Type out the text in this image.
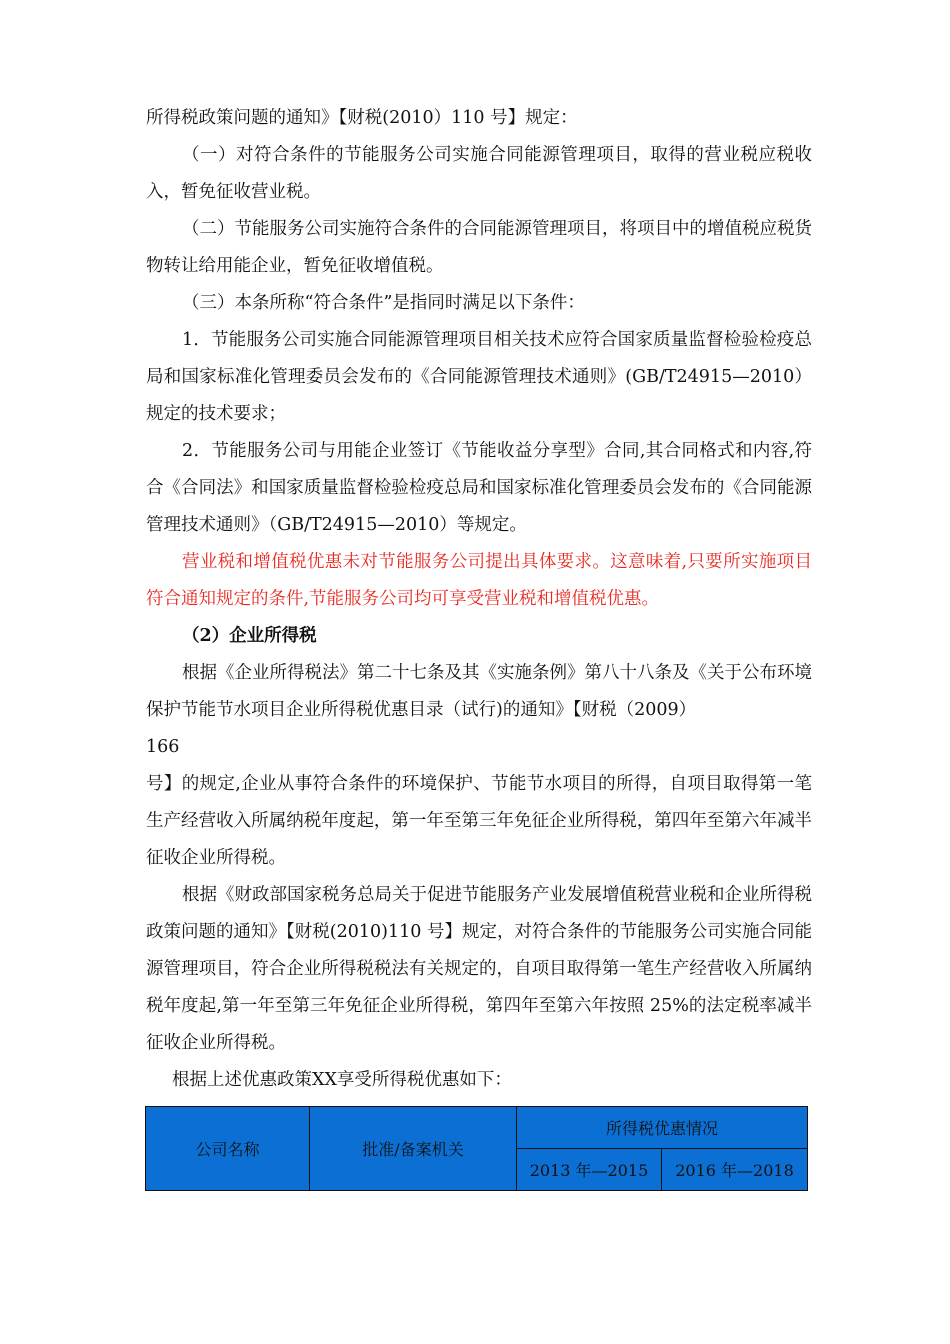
所得税政策问题的通知》【财税(2010）110 号】规定：

（一）对符合条件的节能服务公司实施合同能源管理项目，取得的营业税应税收入，暂免征收营业税。

（二）节能服务公司实施符合条件的合同能源管理项目，将项目中的增值税应税货物转让给用能企业，暂免征收增值税。

（三）本条所称“符合条件”是指同时满足以下条件：

1．节能服务公司实施合同能源管理项目相关技术应符合国家质量监督检验检疫总局和国家标准化管理委员会发布的《合同能源管理技术通则》(GB/T24915—2010）规定的技术要求；

2．节能服务公司与用能企业签订《节能收益分享型》合同,其合同格式和内容,符合《合同法》和国家质量监督检验检疫总局和国家标准化管理委员会发布的《合同能源管理技术通则》（GB/T24915—2010）等规定。

营业税和增值税优惠未对节能服务公司提出具体要求。这意味着,只要所实施项目符合通知规定的条件,节能服务公司均可享受营业税和增值税优惠。

（2）企业所得税

根据《企业所得税法》第二十七条及其《实施条例》第八十八条及《关于公布环境保护节能节水项目企业所得税优惠目录（试行)的通知》【财税（2009）

166

号】的规定,企业从事符合条件的环境保护、节能节水项目的所得，自项目取得第一笔生产经营收入所属纳税年度起，第一年至第三年免征企业所得税，第四年至第六年减半征收企业所得税。

根据《财政部国家税务总局关于促进节能服务产业发展增值税营业税和企业所得税政策问题的通知》【财税(2010)110 号】规定，对符合条件的节能服务公司实施合同能源管理项目，符合企业所得税税法有关规定的，自项目取得第一笔生产经营收入所属纳税年度起,第一年至第三年免征企业所得税，第四年至第六年按照 25%的法定税率减半征收企业所得税。

根据上述优惠政策XX享受所得税优惠如下：

公司名称	批准/备案机关	所得税优惠情况	
		2013 年—2015	2016 年—2018
